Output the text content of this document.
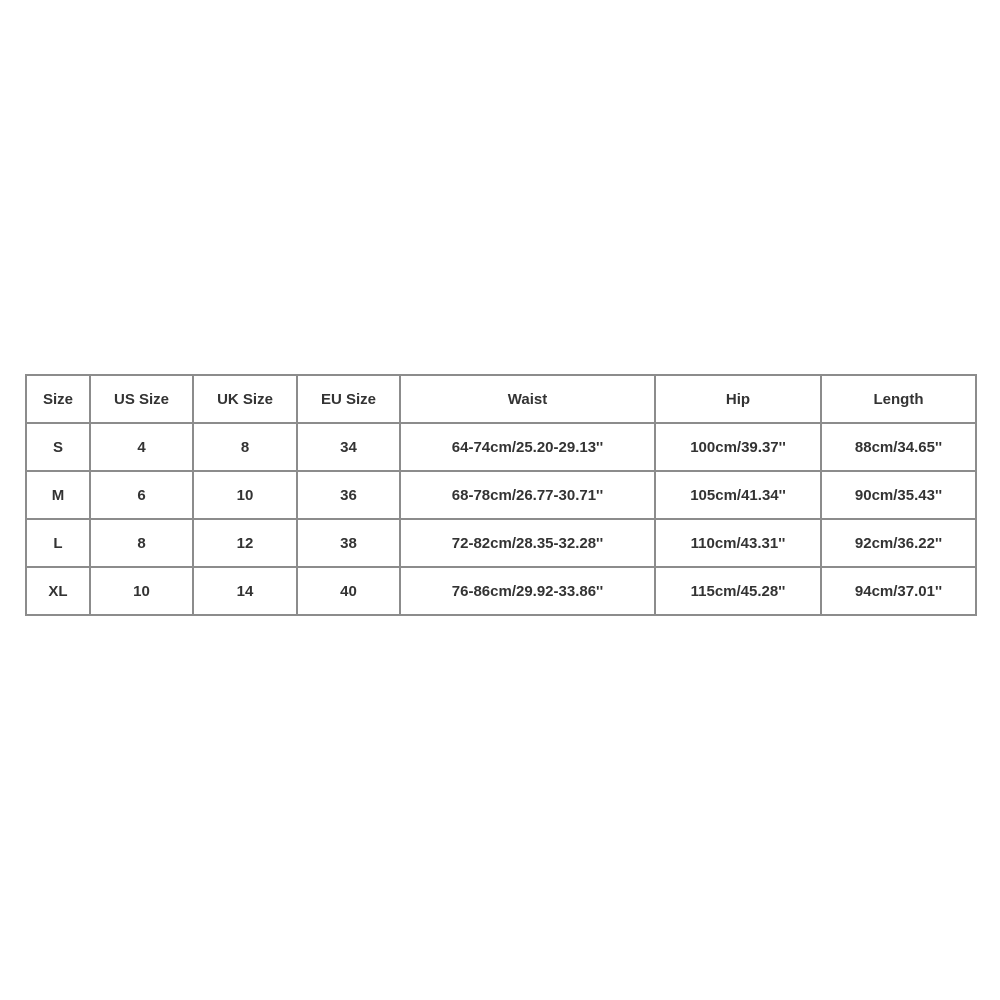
Size	US Size	UK Size	EU Size	Waist	Hip	Length
S	4	8	34	64-74cm/25.20-29.13''	100cm/39.37''	88cm/34.65''
M	6	10	36	68-78cm/26.77-30.71''	105cm/41.34''	90cm/35.43''
L	8	12	38	72-82cm/28.35-32.28''	110cm/43.31''	92cm/36.22''
XL	10	14	40	76-86cm/29.92-33.86''	115cm/45.28''	94cm/37.01''
